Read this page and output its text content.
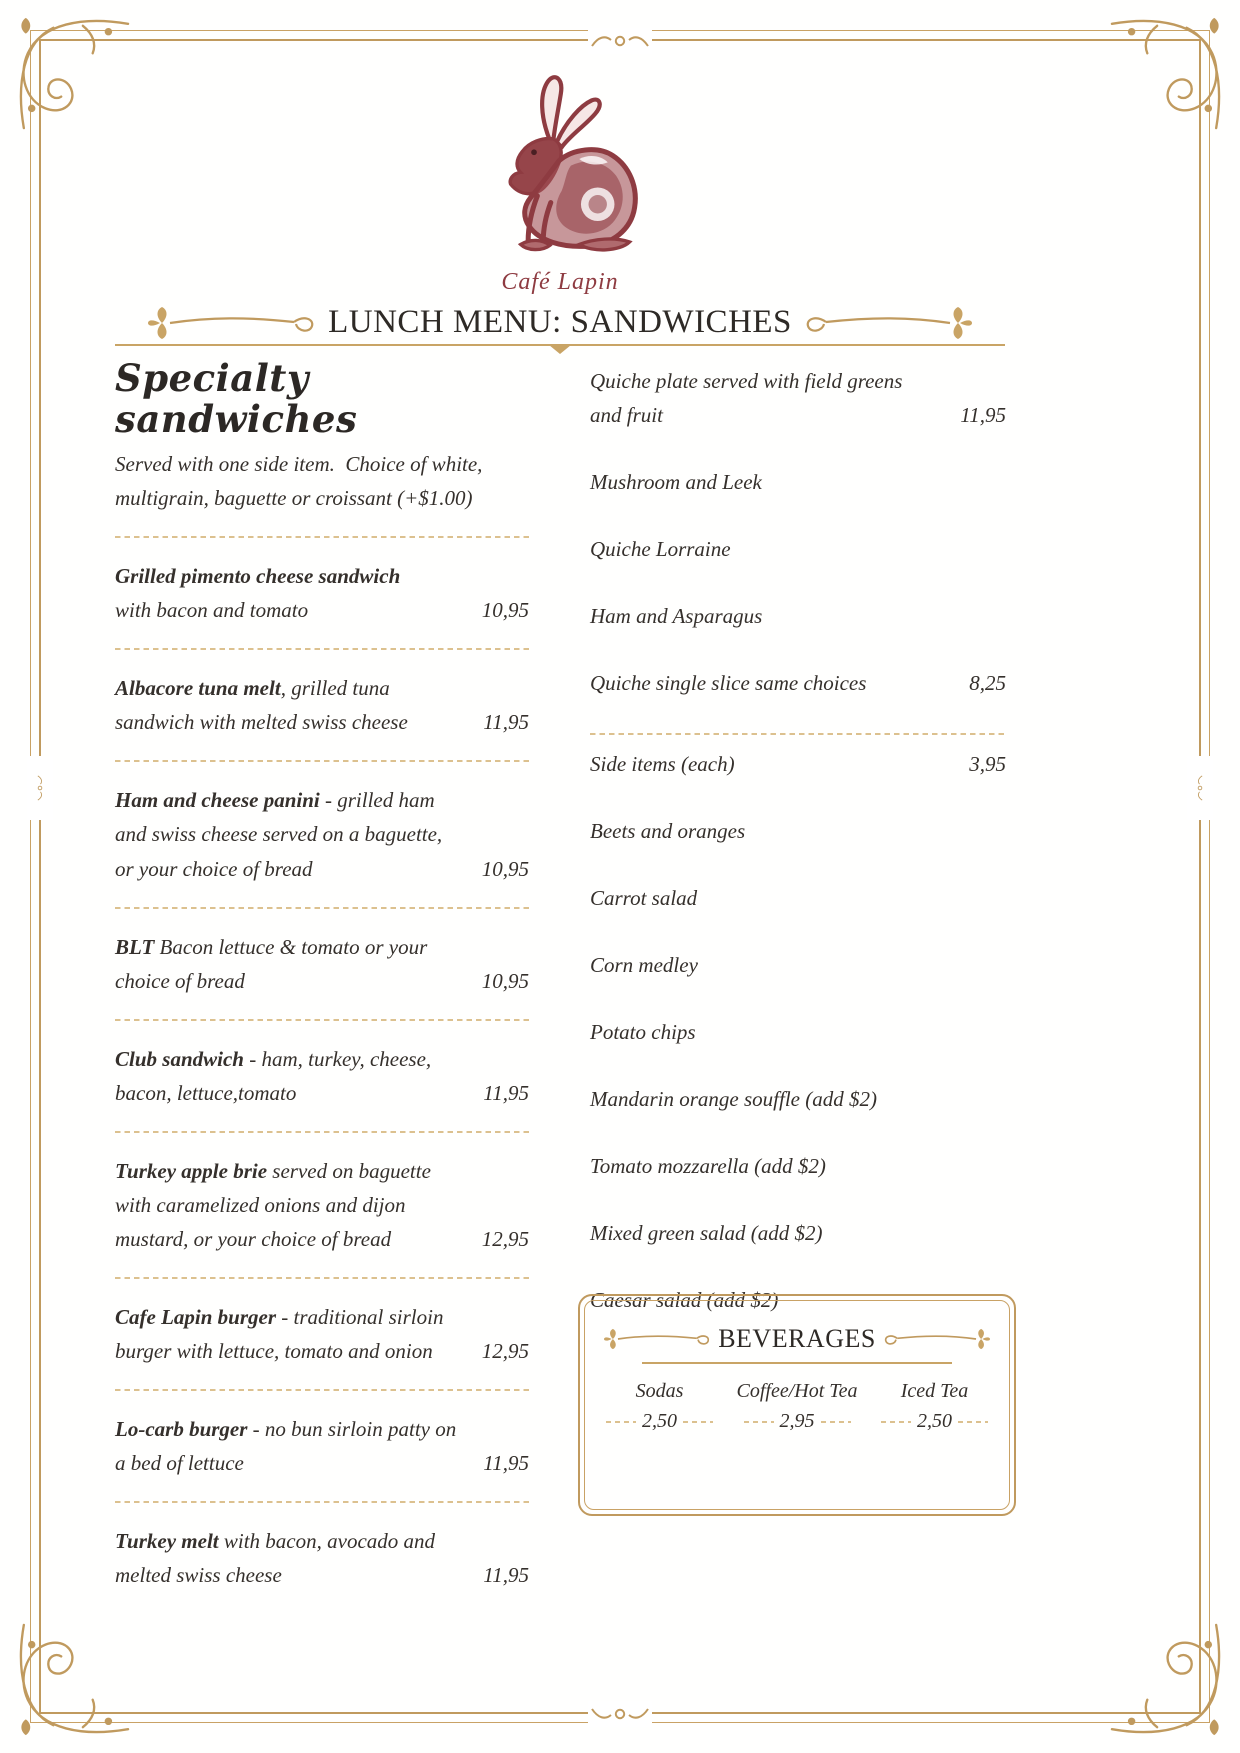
Café Lapin
LUNCH MENU: SANDWICHES
Specialty sandwiches
Served with one side item.  Choice of white, multigrain, baguette or croissant (+$1.00)

Grilled pimento cheese sandwich
with bacon and tomato	10,95

Albacore tuna melt, grilled tuna sandwich with melted swiss cheese	11,95

Ham and cheese panini - grilled ham and swiss cheese served on a baguette, or your choice of bread	10,95

BLT Bacon lettuce & tomato or your choice of bread	10,95

Club sandwich - ham, turkey, cheese, bacon, lettuce,tomato	11,95

Turkey apple brie served on baguette with caramelized onions and dijon mustard, or your choice of bread	12,95

Cafe Lapin burger - traditional sirloin burger with lettuce, tomato and onion	12,95

Lo-carb burger - no bun sirloin patty on a bed of lettuce	11,95

Turkey melt with bacon, avocado and melted swiss cheese	11,95
Quiche plate served with field greens and fruit	11,95
Mushroom and Leek
Quiche Lorraine
Ham and Asparagus
Quiche single slice same choices	8,25
Side items (each)	3,95
Beets and oranges
Carrot salad
Corn medley
Potato chips
Mandarin orange souffle (add $2)
Tomato mozzarella (add $2)
Mixed green salad (add $2)
Caesar salad (add $2)
BEVERAGES
Sodas
2,50
Coffee/Hot Tea
2,95
Iced Tea
2,50
